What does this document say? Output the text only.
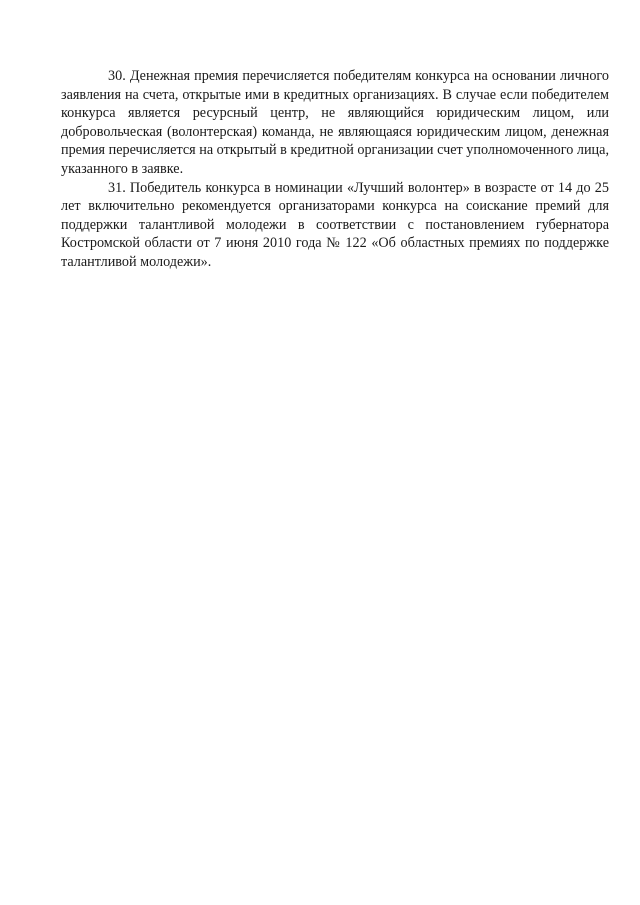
30. Денежная премия перечисляется победителям конкурса на основании личного заявления на счета, открытые ими в кредитных организациях. В случае если победителем конкурса является ресурсный центр, не являющийся юридическим лицом, или добровольческая (волонтерская) команда, не являющаяся юридическим лицом, денежная премия перечисляется на открытый в кредитной организации счет уполномоченного лица, указанного в заявке.

31. Победитель конкурса в номинации «Лучший волонтер» в возрасте от 14 до 25 лет включительно рекомендуется организаторами конкурса на соискание премий для поддержки талантливой молодежи в соответствии с постановлением губернатора Костромской области от 7 июня 2010 года № 122 «Об областных премиях по поддержке талантливой молодежи».
